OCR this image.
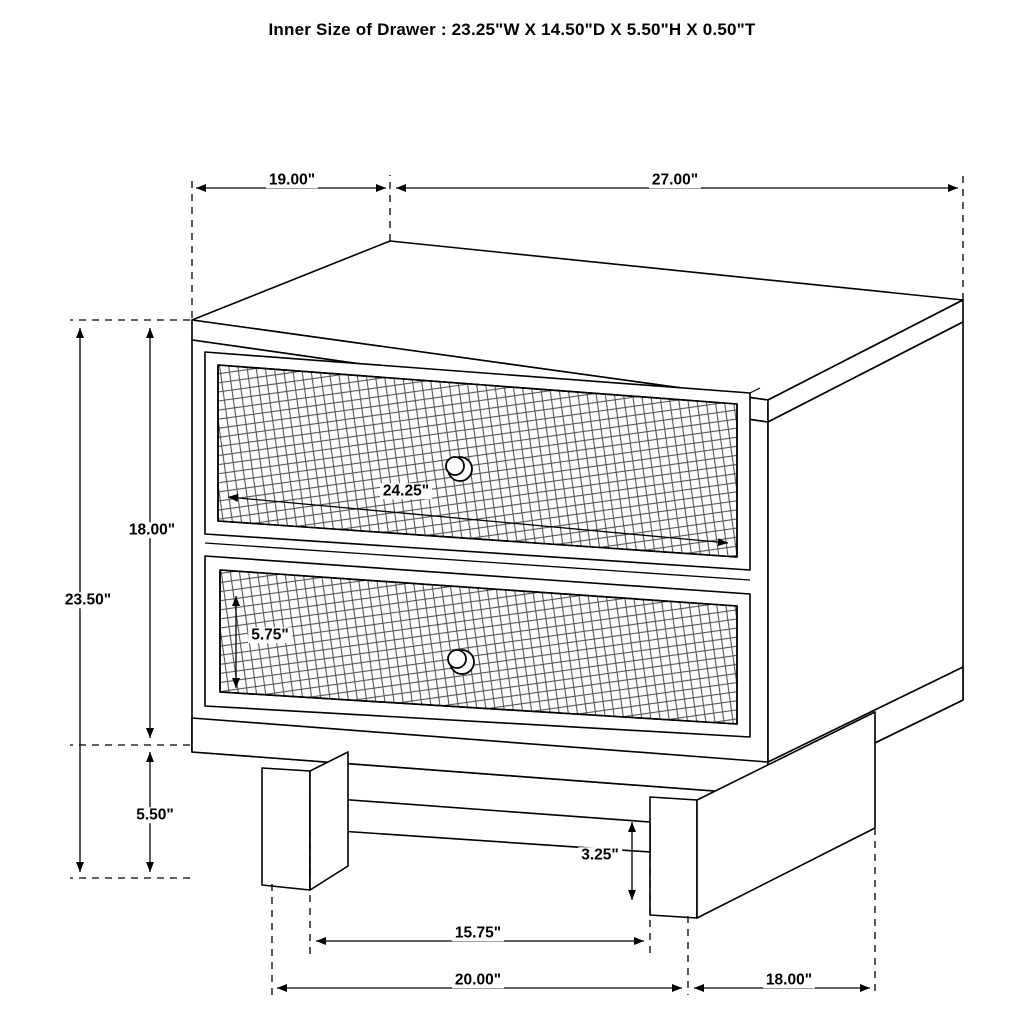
Inner Size of Drawer : 23.25"W X 14.50"D X 5.50"H X 0.50"T
19.00"	27.00"
18.00"
23.50"
5.50"
24.25"
5.75"
3.25"
15.75"
20.00"	18.00"
